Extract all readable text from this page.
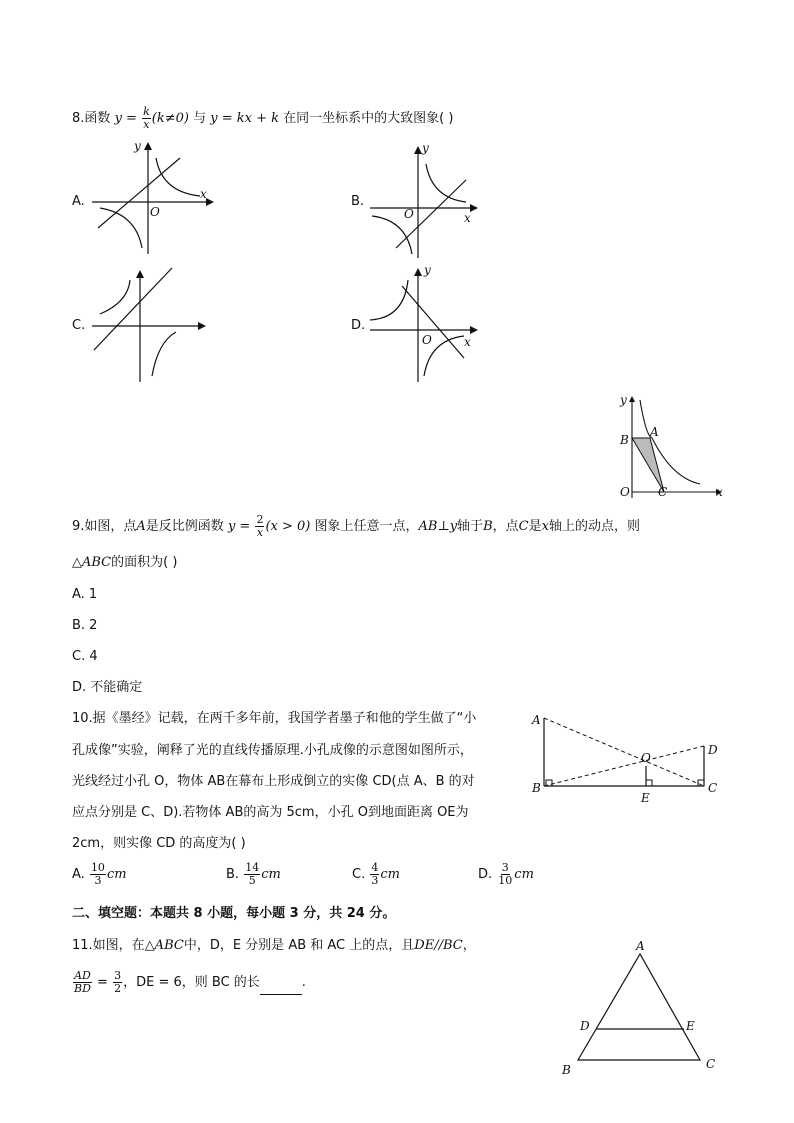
8.函数 $y = \frac{k}{x} (k\ne 0)$ 与 y = kx + k 在同一坐标系中的大致图象( )
A.	x
y
O
B.
x
y
O
C.	D.
x
y
O
y
x
O
A
B
C
9.如图，点A是反比例函数 $y = \frac{2}{x} (x > 0)$ 图象上任意一点，AB⊥y轴于B，点C是x轴上的动点，则
△ABC的面积为( )
A. 1
B. 2
C. 4
D. 不能确定
10.据《墨经》记载，在两千多年前，我国学者墨子和他的学生做了“小
孔成像”实验，阐释了光的直线传播原理.小孔成像的示意图如图所示，
光线经过小孔 O，物体 AB在幕布上形成倒立的实像 CD(点 A、B 的对
应点分别是 C、D).若物体 AB的高为 5cm，小孔 O到地面距离 OE为
2cm，则实像 CD 的高度为( )
A. $\frac{10}{3}$ cm	B. $\frac{14}{5}$ cm	C. $\frac{4}{3}$ cm	D. $\frac{3}{10}$ cm
A
B	C
D
O
E
二、填空题：本题共 8 小题，每小题 3 分，共 24 分。
11.如图，在△ABC中，D，E 分别是 AB 和 AC 上的点，且DE//BC，
$\frac{AD}{BD} = \frac{3}{2}$ ，DE = 6，则 BC 的长	.
A
B	C
D	E
